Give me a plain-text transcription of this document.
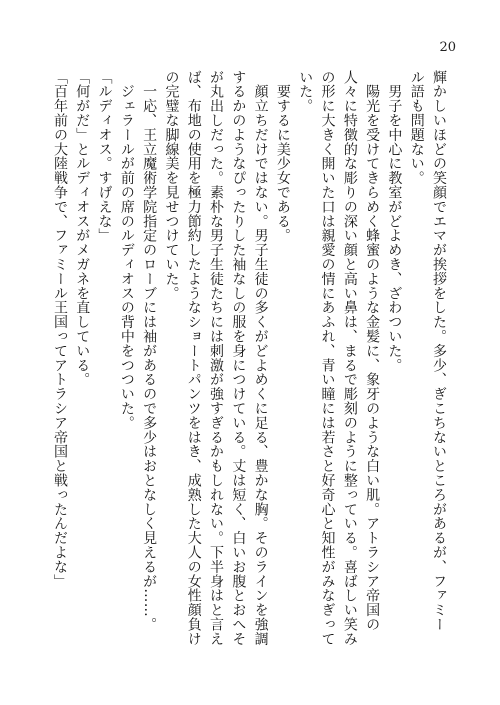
20
輝かしいほどの笑顔でエマが挨拶をした。多少、ぎこちないところがあるが、ファミー
ル語も問題ない。
　男子を中心に教室がどよめき、ざわついた。
　陽光を受けてきらめく蜂蜜のような金髪に、象牙のような白い肌。アトラシア帝国の
人々に特徴的な彫りの深い顔と高い鼻は、まるで彫刻のように整っている。喜ばしい笑み
の形に大きく開いた口は親愛の情にあふれ、青い瞳には若さと好奇心と知性がみなぎって
いた。
　要するに美少女である。
　顔立ちだけではない。男子生徒の多くがどよめくに足る、豊かな胸。そのラインを強調
するかのようなぴったりした袖なしの服を身につけている。丈は短く、白いお腹とおへそ
が丸出しだった。素朴な男子生徒たちには刺激が強すぎるかもしれない。下半身はと言え
ば、布地の使用を極力節約したようなショートパンツをはき、成熟した大人の女性顔負け
の完璧な脚線美を見せつけていた。
　一応、王立魔術学院指定のローブには袖があるので多少はおとなしく見えるが……。
　ジェラールが前の席のルディオスの背中をつついた。
「ルディオス。すげえな」
「何がだ」とルディオスがメガネを直している。
「百年前の大陸戦争で、ファミール王国ってアトラシア帝国と戦ったんだよな」
